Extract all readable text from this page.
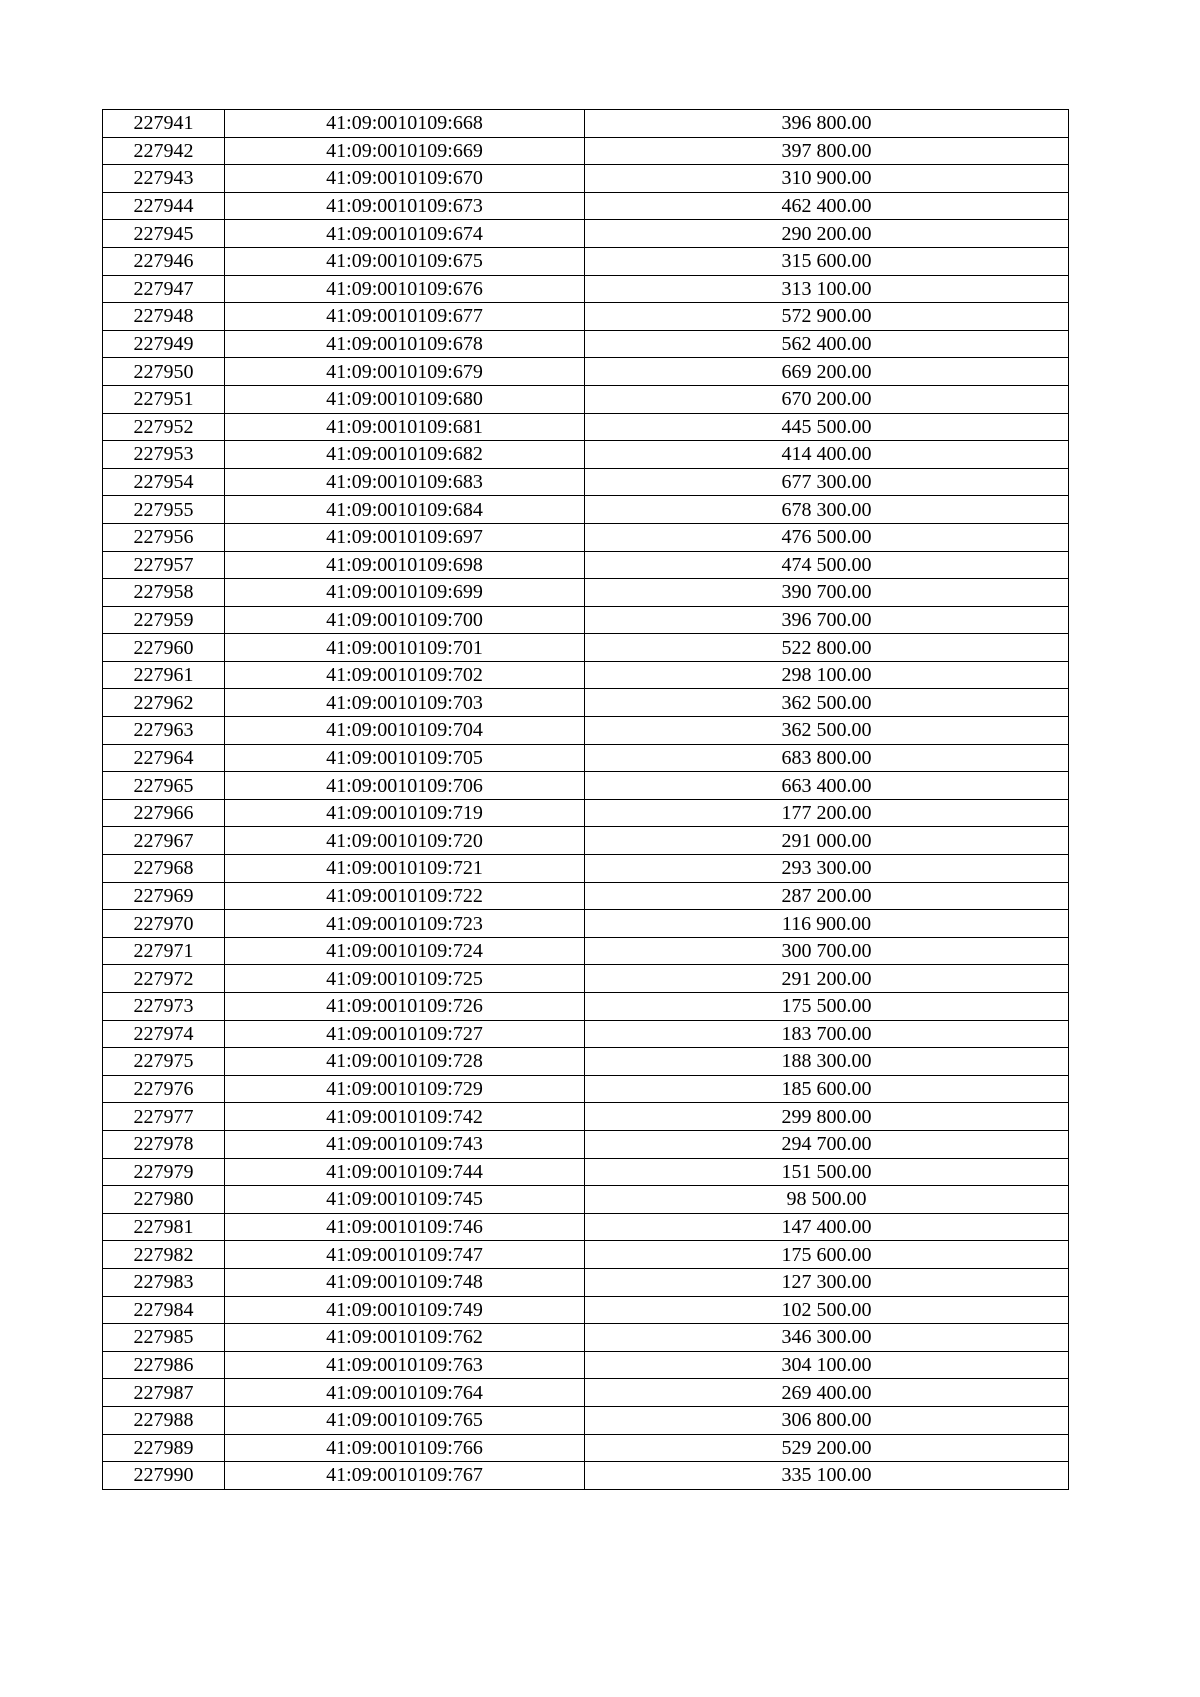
227941	41:09:0010109:668	396 800.00
227942	41:09:0010109:669	397 800.00
227943	41:09:0010109:670	310 900.00
227944	41:09:0010109:673	462 400.00
227945	41:09:0010109:674	290 200.00
227946	41:09:0010109:675	315 600.00
227947	41:09:0010109:676	313 100.00
227948	41:09:0010109:677	572 900.00
227949	41:09:0010109:678	562 400.00
227950	41:09:0010109:679	669 200.00
227951	41:09:0010109:680	670 200.00
227952	41:09:0010109:681	445 500.00
227953	41:09:0010109:682	414 400.00
227954	41:09:0010109:683	677 300.00
227955	41:09:0010109:684	678 300.00
227956	41:09:0010109:697	476 500.00
227957	41:09:0010109:698	474 500.00
227958	41:09:0010109:699	390 700.00
227959	41:09:0010109:700	396 700.00
227960	41:09:0010109:701	522 800.00
227961	41:09:0010109:702	298 100.00
227962	41:09:0010109:703	362 500.00
227963	41:09:0010109:704	362 500.00
227964	41:09:0010109:705	683 800.00
227965	41:09:0010109:706	663 400.00
227966	41:09:0010109:719	177 200.00
227967	41:09:0010109:720	291 000.00
227968	41:09:0010109:721	293 300.00
227969	41:09:0010109:722	287 200.00
227970	41:09:0010109:723	116 900.00
227971	41:09:0010109:724	300 700.00
227972	41:09:0010109:725	291 200.00
227973	41:09:0010109:726	175 500.00
227974	41:09:0010109:727	183 700.00
227975	41:09:0010109:728	188 300.00
227976	41:09:0010109:729	185 600.00
227977	41:09:0010109:742	299 800.00
227978	41:09:0010109:743	294 700.00
227979	41:09:0010109:744	151 500.00
227980	41:09:0010109:745	98 500.00
227981	41:09:0010109:746	147 400.00
227982	41:09:0010109:747	175 600.00
227983	41:09:0010109:748	127 300.00
227984	41:09:0010109:749	102 500.00
227985	41:09:0010109:762	346 300.00
227986	41:09:0010109:763	304 100.00
227987	41:09:0010109:764	269 400.00
227988	41:09:0010109:765	306 800.00
227989	41:09:0010109:766	529 200.00
227990	41:09:0010109:767	335 100.00
